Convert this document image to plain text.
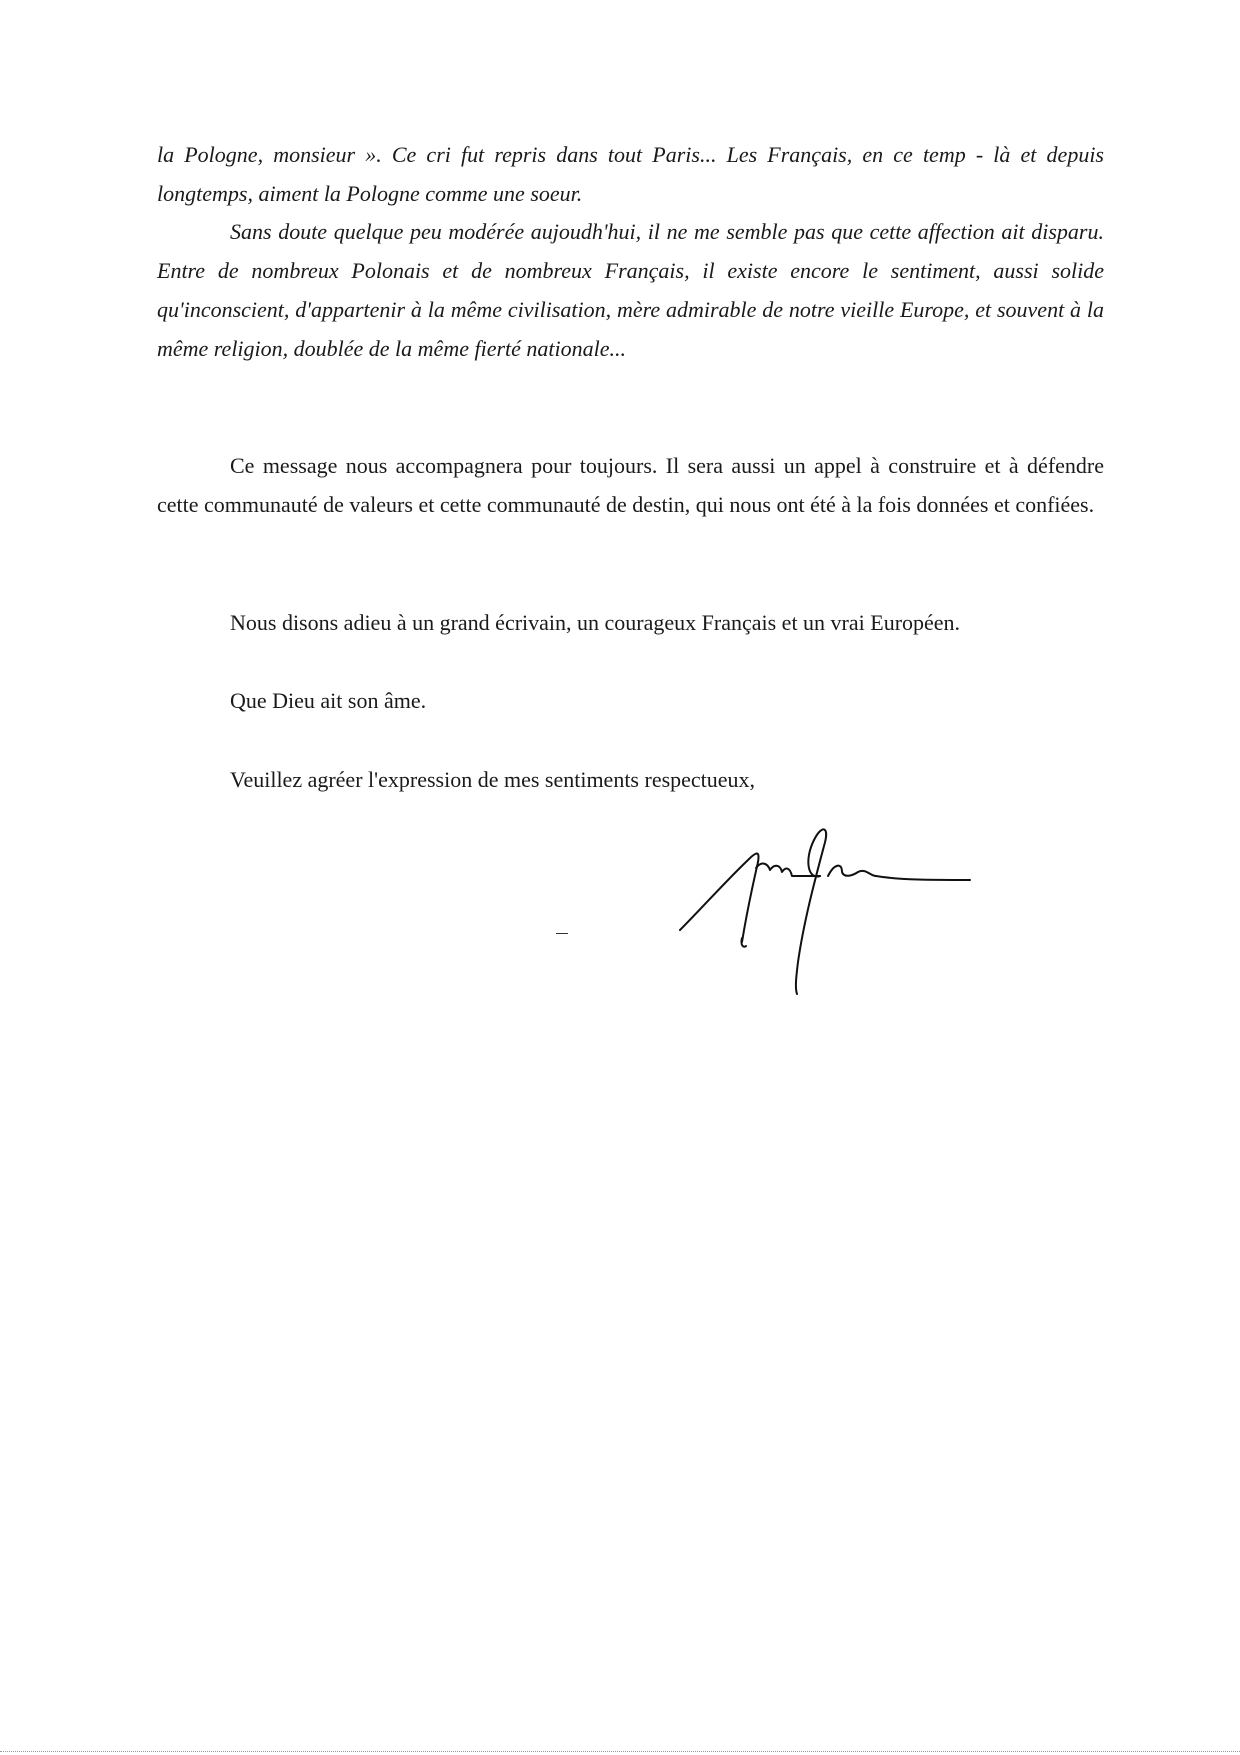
la Pologne, monsieur ». Ce cri fut repris dans tout Paris... Les Français, en ce temp - là et depuis longtemps, aiment la Pologne comme une soeur.

Sans doute quelque peu modérée aujoudh'hui, il ne me semble pas que cette affection ait disparu. Entre de nombreux Polonais et de nombreux Français, il existe encore le sentiment, aussi solide qu'inconscient, d'appartenir à la même civilisation, mère admirable de notre vieille Europe, et souvent à la même religion, doublée de la même fierté nationale...

Ce message nous accompagnera pour toujours. Il sera aussi un appel à construire et à défendre cette communauté de valeurs et cette communauté de destin, qui nous ont été à la fois données et confiées.

Nous disons adieu à un grand écrivain, un courageux Français et un vrai Européen.

Que Dieu ait son âme.

Veuillez agréer l'expression de mes sentiments respectueux,
